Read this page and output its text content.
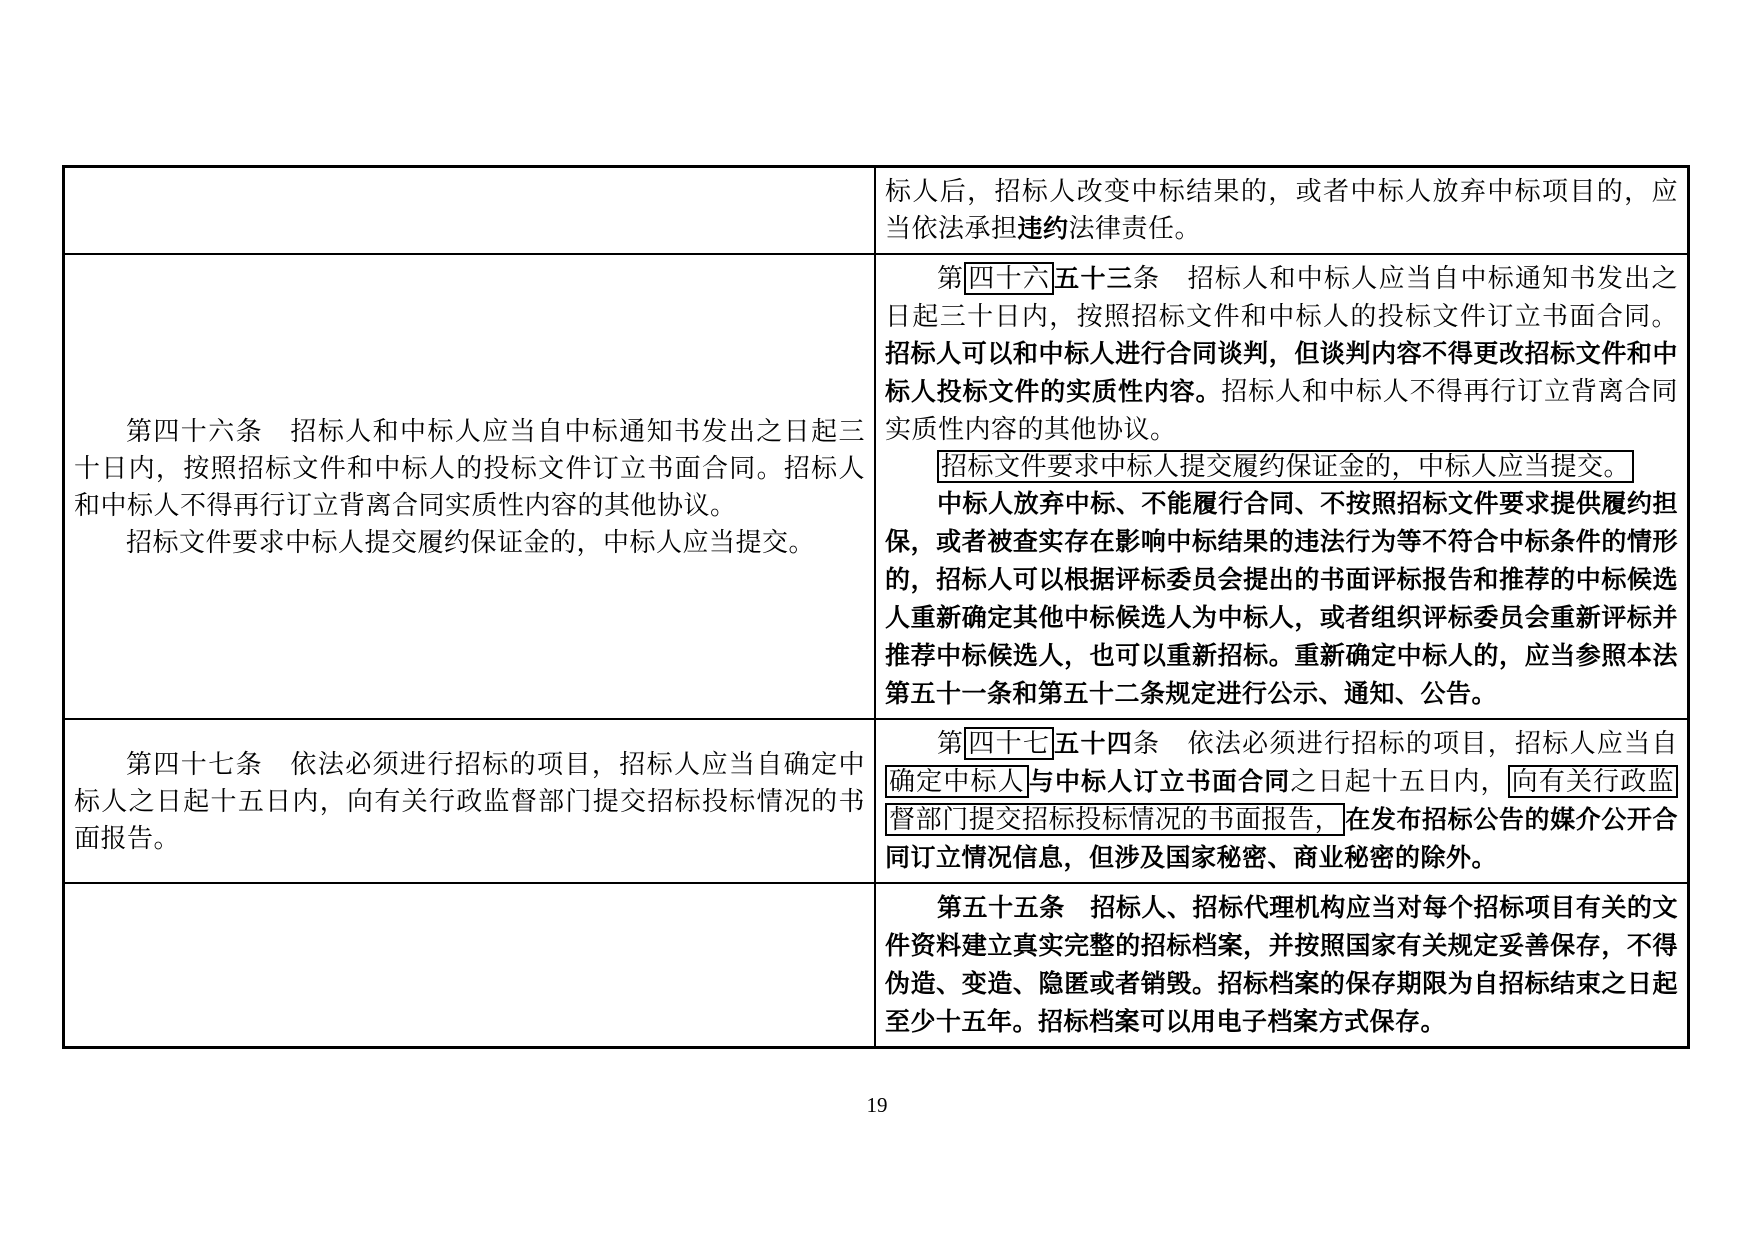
标人后，招标人改变中标结果的，或者中标人放弃中标项目的，应当依法承担违约法律责任。

第四十六条　招标人和中标人应当自中标通知书发出之日起三十日内，按照招标文件和中标人的投标文件订立书面合同。招标人和中标人不得再行订立背离合同实质性内容的其他协议。

招标文件要求中标人提交履约保证金的，中标人应当提交。

第 四十六 五十三条　招标人和中标人应当自中标通知书发出之日起三十日内，按照招标文件和中标人的投标文件订立书面合同。招标人可以和中标人进行合同谈判，但谈判内容不得更改招标文件和中标人投标文件的实质性内容。招标人和中标人不得再行订立背离合同实质性内容的其他协议。

招标文件要求中标人提交履约保证金的，中标人应当提交。

中标人放弃中标、不能履行合同、不按照招标文件要求提供履约担保，或者被查实存在影响中标结果的违法行为等不符合中标条件的情形的，招标人可以根据评标委员会提出的书面评标报告和推荐的中标候选人重新确定其他中标候选人为中标人，或者组织评标委员会重新评标并推荐中标候选人，也可以重新招标。重新确定中标人的，应当参照本法第五十一条和第五十二条规定进行公示、通知、公告。

第四十七条　依法必须进行招标的项目，招标人应当自确定中标人之日起十五日内，向有关行政监督部门提交招标投标情况的书面报告。

第 四十七 五十四条　依法必须进行招标的项目，招标人应当自确定中标人 与中标人订立书面合同之日起十五日内， 向有关行政监督部门提交招标投标情况的书面报告， 在发布招标公告的媒介公开合同订立情况信息，但涉及国家秘密、商业秘密的除外。

第五十五条　招标人、招标代理机构应当对每个招标项目有关的文件资料建立真实完整的招标档案，并按照国家有关规定妥善保存，不得伪造、变造、隐匿或者销毁。招标档案的保存期限为自招标结束之日起至少十五年。招标档案可以用电子档案方式保存。

19
